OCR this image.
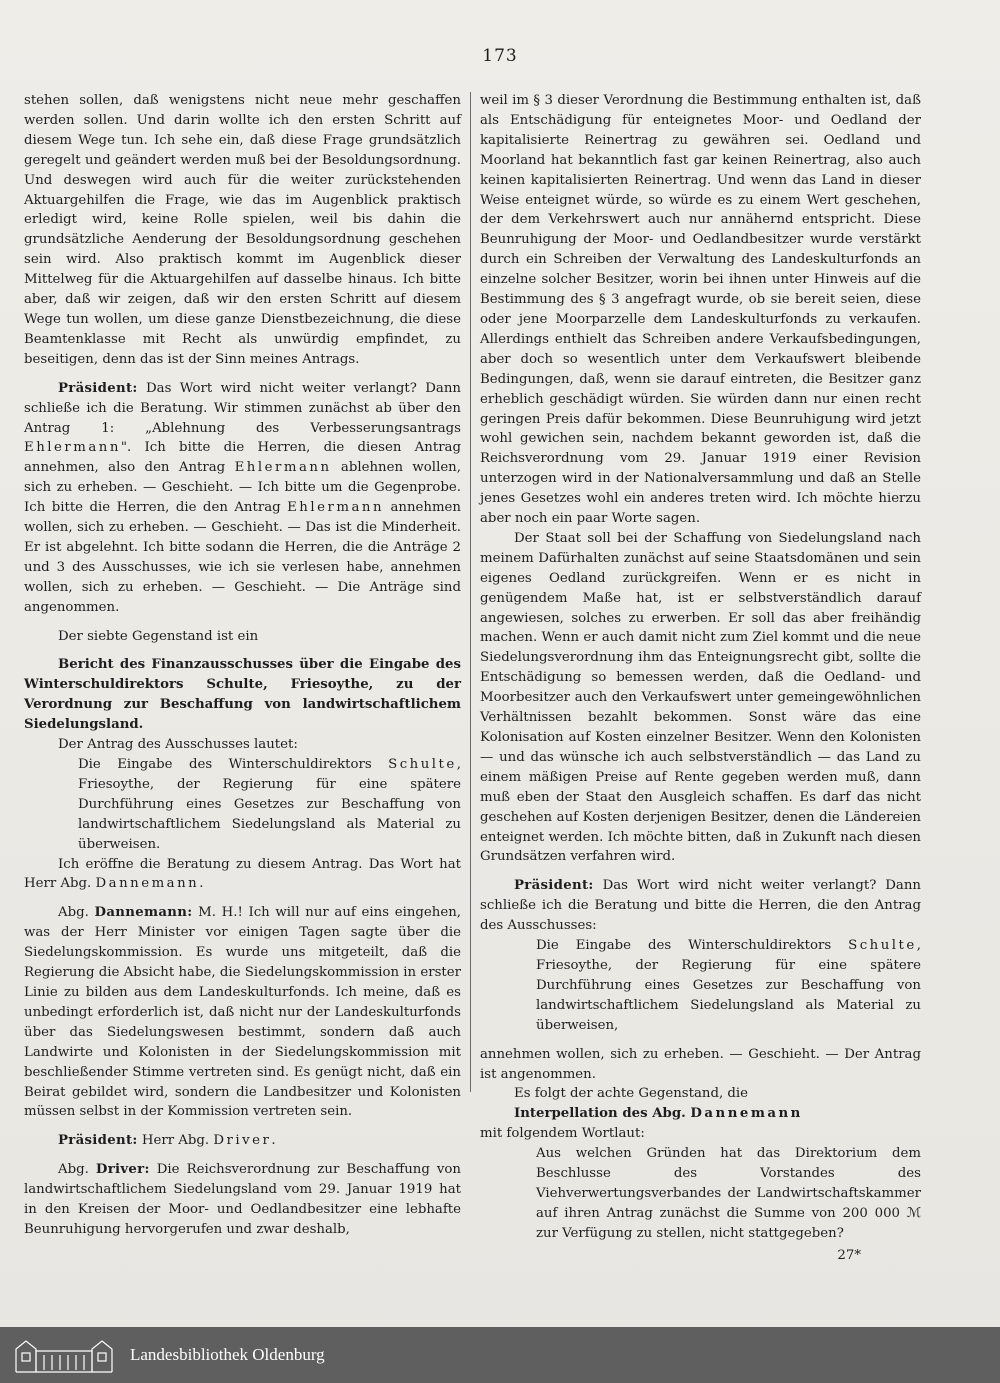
173

stehen sollen, daß wenigstens nicht neue mehr geschaffen werden sollen. Und darin wollte ich den ersten Schritt auf diesem Wege tun. Ich sehe ein, daß diese Frage grundsätzlich geregelt und geändert werden muß bei der Besoldungsordnung. Und deswegen wird auch für die weiter zurückstehenden Aktuargehilfen die Frage, wie das im Augenblick praktisch erledigt wird, keine Rolle spielen, weil bis dahin die grundsätzliche Aenderung der Besoldungsordnung geschehen sein wird. Also praktisch kommt im Augenblick dieser Mittelweg für die Aktuargehilfen auf dasselbe hinaus. Ich bitte aber, daß wir zeigen, daß wir den ersten Schritt auf diesem Wege tun wollen, um diese ganze Dienstbezeichnung, die diese Beamtenklasse mit Recht als unwürdig empfindet, zu beseitigen, denn das ist der Sinn meines Antrags.

Präsident: Das Wort wird nicht weiter verlangt? Dann schließe ich die Beratung. Wir stimmen zunächst ab über den Antrag 1: „Ablehnung des Verbesserungsantrags Ehlermann". Ich bitte die Herren, die diesen Antrag annehmen, also den Antrag Ehlermann ablehnen wollen, sich zu erheben. — Geschieht. — Ich bitte um die Gegenprobe. Ich bitte die Herren, die den Antrag Ehlermann annehmen wollen, sich zu erheben. — Geschieht. — Das ist die Minderheit. Er ist abgelehnt. Ich bitte sodann die Herren, die die Anträge 2 und 3 des Ausschusses, wie ich sie verlesen habe, annehmen wollen, sich zu erheben. — Geschieht. — Die Anträge sind angenommen.

Der siebte Gegenstand ist ein

Bericht des Finanzausschusses über die Eingabe des Winterschuldirektors Schulte, Friesoythe, zu der Verordnung zur Beschaffung von landwirtschaftlichem Siedelungsland.

Der Antrag des Ausschusses lautet:

Die Eingabe des Winterschuldirektors Schulte, Friesoythe, der Regierung für eine spätere Durchführung eines Gesetzes zur Beschaffung von landwirtschaftlichem Siedelungsland als Material zu überweisen.

Ich eröffne die Beratung zu diesem Antrag. Das Wort hat Herr Abg. Dannemann.

Abg. Dannemann: M. H.! Ich will nur auf eins eingehen, was der Herr Minister vor einigen Tagen sagte über die Siedelungskommission. Es wurde uns mitgeteilt, daß die Regierung die Absicht habe, die Siedelungskommission in erster Linie zu bilden aus dem Landeskulturfonds. Ich meine, daß es unbedingt erforderlich ist, daß nicht nur der Landeskulturfonds über das Siedelungswesen bestimmt, sondern daß auch Landwirte und Kolonisten in der Siedelungskommission mit beschließender Stimme vertreten sind. Es genügt nicht, daß ein Beirat gebildet wird, sondern die Landbesitzer und Kolonisten müssen selbst in der Kommission vertreten sein.

Präsident: Herr Abg. Driver.

Abg. Driver: Die Reichsverordnung zur Beschaffung von landwirtschaftlichem Siedelungsland vom 29. Januar 1919 hat in den Kreisen der Moor- und Oedlandbesitzer eine lebhafte Beunruhigung hervorgerufen und zwar deshalb,

weil im § 3 dieser Verordnung die Bestimmung enthalten ist, daß als Entschädigung für enteignetes Moor- und Oedland der kapitalisierte Reinertrag zu gewähren sei. Oedland und Moorland hat bekanntlich fast gar keinen Reinertrag, also auch keinen kapitalisierten Reinertrag. Und wenn das Land in dieser Weise enteignet würde, so würde es zu einem Wert geschehen, der dem Verkehrswert auch nur annähernd entspricht. Diese Beunruhigung der Moor- und Oedlandbesitzer wurde verstärkt durch ein Schreiben der Verwaltung des Landeskulturfonds an einzelne solcher Besitzer, worin bei ihnen unter Hinweis auf die Bestimmung des § 3 angefragt wurde, ob sie bereit seien, diese oder jene Moorparzelle dem Landeskulturfonds zu verkaufen. Allerdings enthielt das Schreiben andere Verkaufsbedingungen, aber doch so wesentlich unter dem Verkaufswert bleibende Bedingungen, daß, wenn sie darauf eintreten, die Besitzer ganz erheblich geschädigt würden. Sie würden dann nur einen recht geringen Preis dafür bekommen. Diese Beunruhigung wird jetzt wohl gewichen sein, nachdem bekannt geworden ist, daß die Reichsverordnung vom 29. Januar 1919 einer Revision unterzogen wird in der Nationalversammlung und daß an Stelle jenes Gesetzes wohl ein anderes treten wird. Ich möchte hierzu aber noch ein paar Worte sagen.

Der Staat soll bei der Schaffung von Siedelungsland nach meinem Dafürhalten zunächst auf seine Staatsdomänen und sein eigenes Oedland zurückgreifen. Wenn er es nicht in genügendem Maße hat, ist er selbstverständlich darauf angewiesen, solches zu erwerben. Er soll das aber freihändig machen. Wenn er auch damit nicht zum Ziel kommt und die neue Siedelungsverordnung ihm das Enteignungsrecht gibt, sollte die Entschädigung so bemessen werden, daß die Oedland- und Moorbesitzer auch den Verkaufswert unter gemeingewöhnlichen Verhältnissen bezahlt bekommen. Sonst wäre das eine Kolonisation auf Kosten einzelner Besitzer. Wenn den Kolonisten — und das wünsche ich auch selbstverständlich — das Land zu einem mäßigen Preise auf Rente gegeben werden muß, dann muß eben der Staat den Ausgleich schaffen. Es darf das nicht geschehen auf Kosten derjenigen Besitzer, denen die Ländereien enteignet werden. Ich möchte bitten, daß in Zukunft nach diesen Grundsätzen verfahren wird.

Präsident: Das Wort wird nicht weiter verlangt? Dann schließe ich die Beratung und bitte die Herren, die den Antrag des Ausschusses:

Die Eingabe des Winterschuldirektors Schulte, Friesoythe, der Regierung für eine spätere Durchführung eines Gesetzes zur Beschaffung von landwirtschaftlichem Siedelungsland als Material zu überweisen,

annehmen wollen, sich zu erheben. — Geschieht. — Der Antrag ist angenommen.

Es folgt der achte Gegenstand, die

Interpellation des Abg. Dannemann

mit folgendem Wortlaut:

Aus welchen Gründen hat das Direktorium dem Beschlusse des Vorstandes des Viehverwertungsverbandes der Landwirtschaftskammer auf ihren Antrag zunächst die Summe von 200 000 ℳ zur Verfügung zu stellen, nicht stattgegeben?

27*

Landesbibliothek Oldenburg
